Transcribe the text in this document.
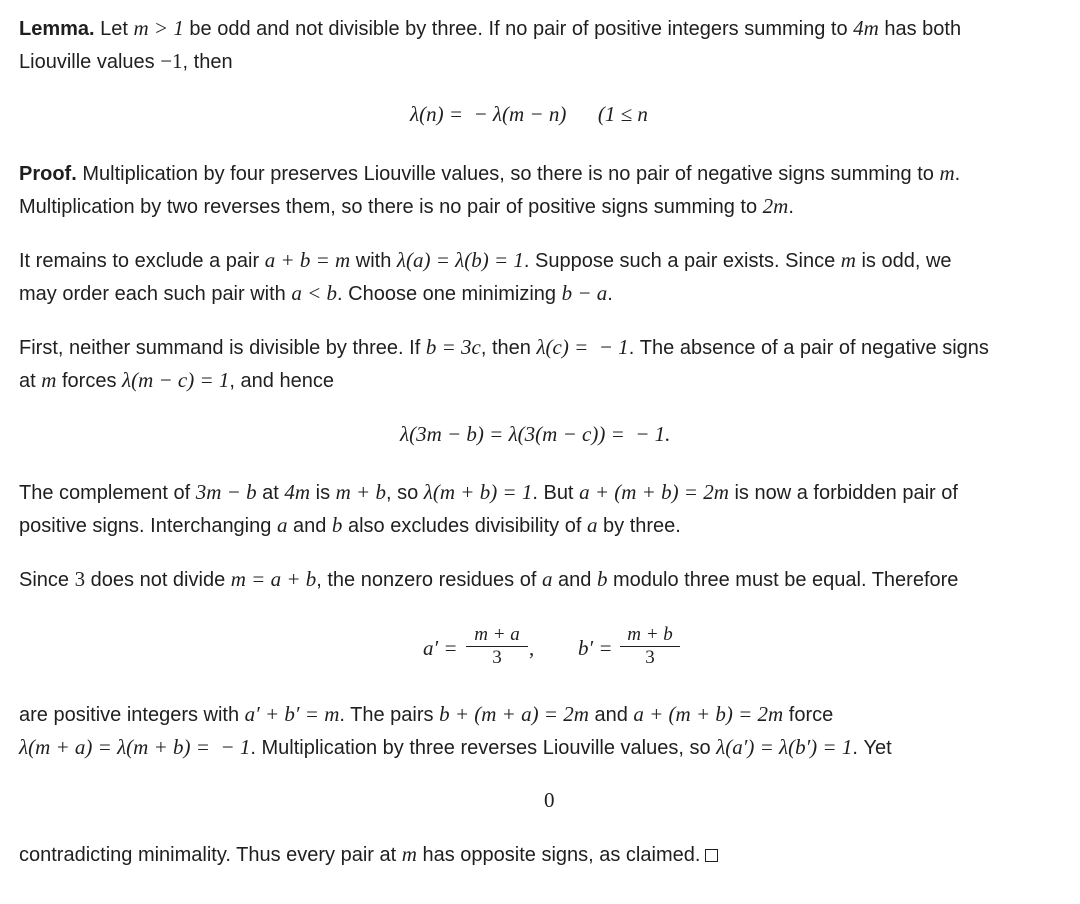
Lemma. Let m > 1 be odd and not divisible by three. If no pair of positive integers summing to 4m has both

Liouville values −1, then

λ(n) =  − λ(m − n)      (1 ≤ n

Proof. Multiplication by four preserves Liouville values, so there is no pair of negative signs summing to m.

Multiplication by two reverses them, so there is no pair of positive signs summing to 2m.

It remains to exclude a pair a + b = m with λ(a) = λ(b) = 1. Suppose such a pair exists. Since m is odd, we

may order each such pair with a < b. Choose one minimizing b − a.

First, neither summand is divisible by three. If b = 3c, then λ(c) =  − 1. The absence of a pair of negative signs

at m forces λ(m − c) = 1, and hence

λ(3m − b) = λ(3(m − c)) =  − 1.

The complement of 3m − b at 4m is m + b, so λ(m + b) = 1. But a + (m + b) = 2m is now a forbidden pair of

positive signs. Interchanging a and b also excludes divisibility of a by three.

Since 3 does not divide m = a + b, the nonzero residues of a and b modulo three must be equal. Therefore

a′ =
m + a
3	, b′ =
m + b
3

are positive integers with a′ + b′ = m. The pairs b + (m + a) = 2m and a + (m + b) = 2m force

λ(m + a) = λ(m + b) =  − 1. Multiplication by three reverses Liouville values, so λ(a′) = λ(b′) = 1. Yet

0

contradicting minimality. Thus every pair at m has opposite signs, as claimed.
